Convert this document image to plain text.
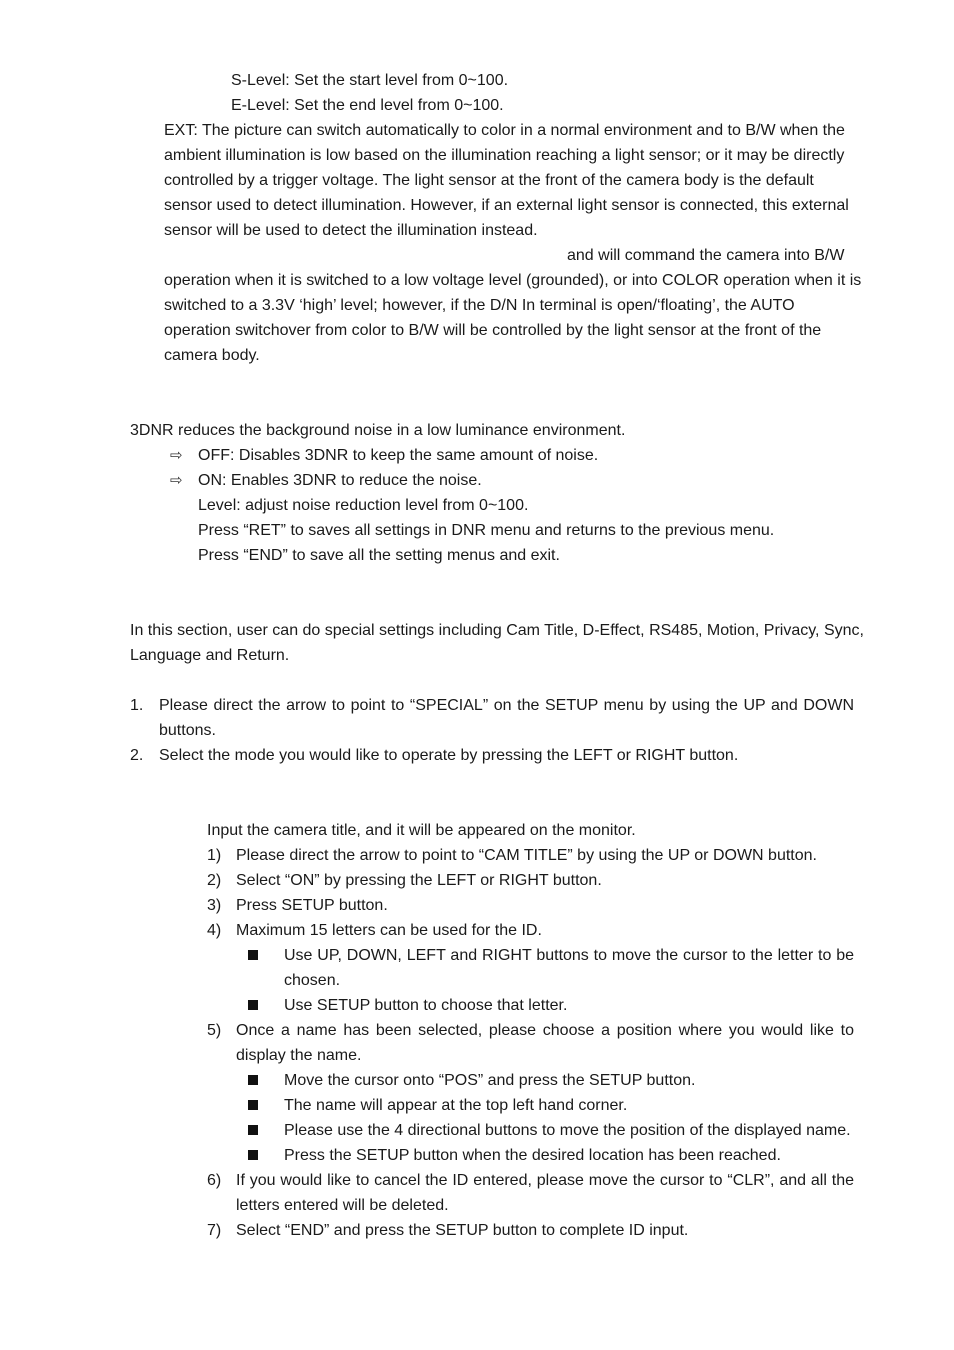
S-Level: Set the start level from 0~100.
E-Level: Set the end level from 0~100.
EXT: The picture can switch automatically to color in a normal environment and to B/W when the
ambient illumination is low based on the illumination reaching a light sensor; or it may be directly
controlled by a trigger voltage. The light sensor at the front of the camera body is the default
sensor used to detect illumination. However, if an external light sensor is connected, this external
sensor will be used to detect the illumination instead.
and will command the camera into B/W
operation when it is switched to a low voltage level (grounded), or into COLOR operation when it is
switched to a 3.3V ‘high’ level; however, if the D/N In terminal is open/‘floating’, the AUTO
operation switchover from color to B/W will be controlled by the light sensor at the front of the
camera body.
3DNR reduces the background noise in a low luminance environment.
⇨ OFF: Disables 3DNR to keep the same amount of noise.
⇨ ON: Enables 3DNR to reduce the noise.
Level: adjust noise reduction level from 0~100.
Press “RET” to saves all settings in DNR menu and returns to the previous menu.
Press “END” to save all the setting menus and exit.
In this section, user can do special settings including Cam Title, D-Effect, RS485, Motion, Privacy, Sync,
Language and Return.
1. Please direct the arrow to point to “SPECIAL” on the SETUP menu by using the UP and DOWN
buttons.
2. Select the mode you would like to operate by pressing the LEFT or RIGHT button.
Input the camera title, and it will be appeared on the monitor.
1) Please direct the arrow to point to “CAM TITLE” by using the UP or DOWN button.
2) Select “ON” by pressing the LEFT or RIGHT button.
3) Press SETUP button.
4) Maximum 15 letters can be used for the ID.
Use UP, DOWN, LEFT and RIGHT buttons to move the cursor to the letter to be
chosen.
Use SETUP button to choose that letter.
5) Once a name has been selected, please choose a position where you would like to
display the name.
Move the cursor onto “POS” and press the SETUP button.
The name will appear at the top left hand corner.
Please use the 4 directional buttons to move the position of the displayed name.
Press the SETUP button when the desired location has been reached.
6) If you would like to cancel the ID entered, please move the cursor to “CLR”, and all the
letters entered will be deleted.
7) Select “END” and press the SETUP button to complete ID input.
